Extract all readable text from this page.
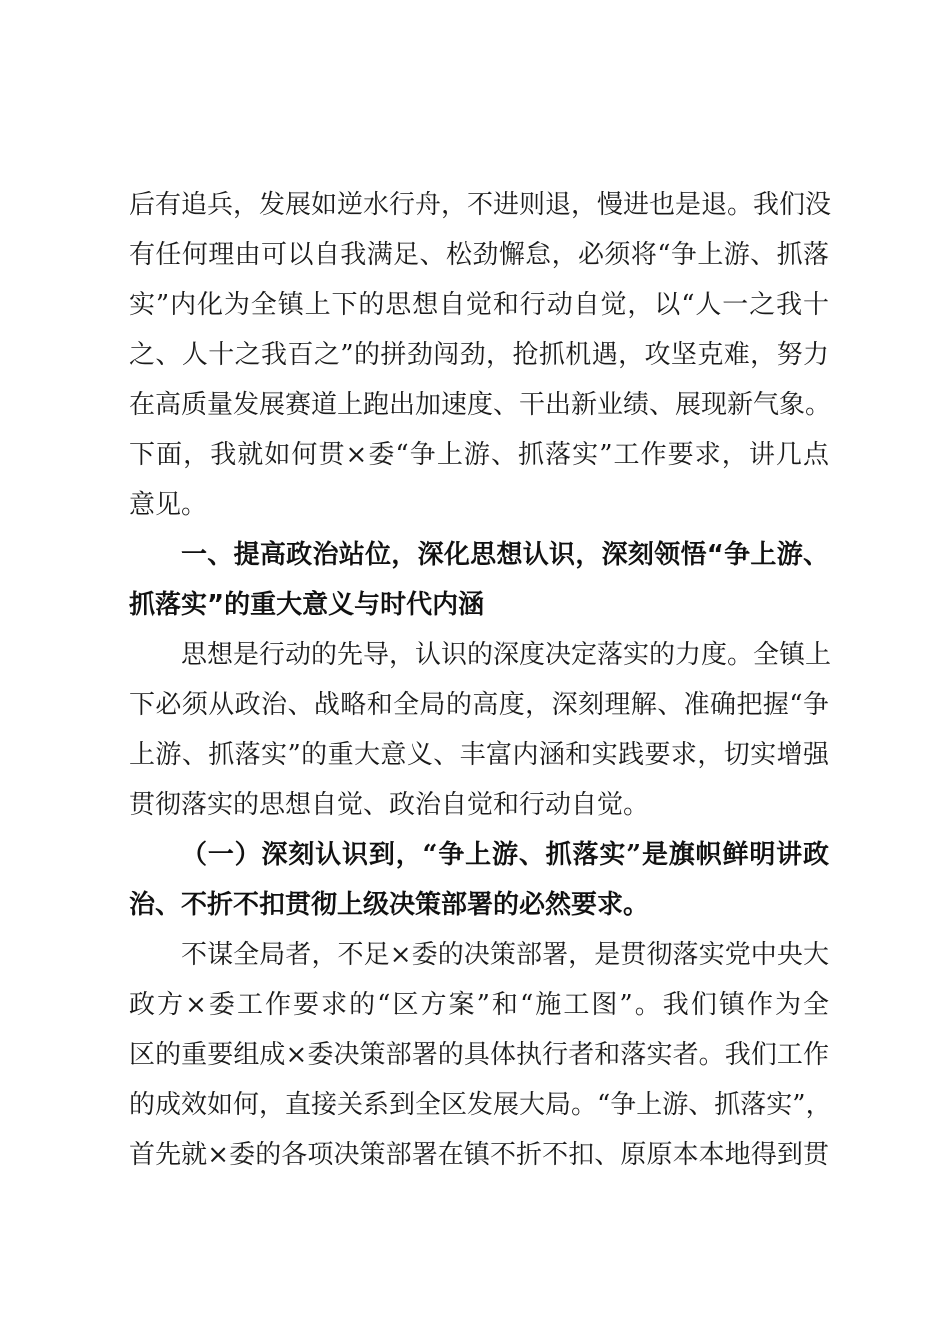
后有追兵，发展如逆水行舟，不进则退，慢进也是退。我们没
有任何理由可以自我满足、松劲懈怠，必须将“争上游、抓落
实”内化为全镇上下的思想自觉和行动自觉，以“人一之我十
之、人十之我百之”的拼劲闯劲，抢抓机遇，攻坚克难，努力
在高质量发展赛道上跑出加速度、干出新业绩、展现新气象。
下面，我就如何贯×委“争上游、抓落实”工作要求，讲几点
意见。
一、提高政治站位，深化思想认识，深刻领悟“争上游、
抓落实”的重大意义与时代内涵
思想是行动的先导，认识的深度决定落实的力度。全镇上
下必须从政治、战略和全局的高度，深刻理解、准确把握“争
上游、抓落实”的重大意义、丰富内涵和实践要求，切实增强
贯彻落实的思想自觉、政治自觉和行动自觉。
（一）深刻认识到，“争上游、抓落实”是旗帜鲜明讲政
治、不折不扣贯彻上级决策部署的必然要求。
不谋全局者，不足×委的决策部署，是贯彻落实党中央大
政方×委工作要求的“区方案”和“施工图”。我们镇作为全
区的重要组成×委决策部署的具体执行者和落实者。我们工作
的成效如何，直接关系到全区发展大局。“争上游、抓落实”，
首先就×委的各项决策部署在镇不折不扣、原原本本地得到贯
